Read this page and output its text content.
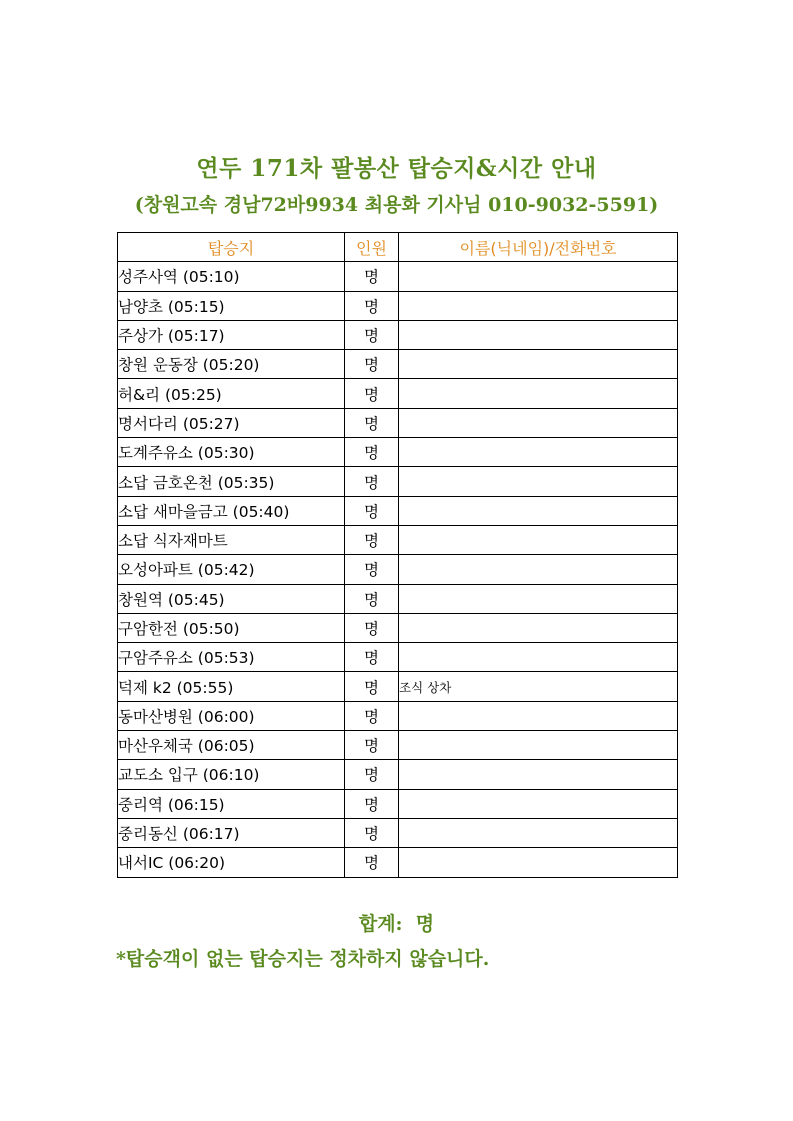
연두 171차 팔봉산 탑승지&시간 안내
(창원고속 경남72바9934 최용화 기사님 010-9032-5591)
탑승지	인원	이름(닉네임)/전화번호
성주사역 (05:10)	명	
남양초 (05:15)	명	
주상가 (05:17)	명	
창원 운동장 (05:20)	명	
허&리 (05:25)	명	
명서다리 (05:27)	명	
도계주유소 (05:30)	명	
소답 금호온천 (05:35)	명	
소답 새마을금고 (05:40)	명	
소답 식자재마트	명	
오성아파트 (05:42)	명	
창원역 (05:45)	명	
구암한전 (05:50)	명	
구암주유소 (05:53)	명	
덕제 k2 (05:55)	명	조식 상차
동마산병원 (06:00)	명	
마산우체국 (06:05)	명	
교도소 입구 (06:10)	명	
중리역 (06:15)	명	
중리동신 (06:17)	명	
내서IC (06:20)	명	
합계:  명
*탑승객이 없는 탑승지는 정차하지 않습니다.
